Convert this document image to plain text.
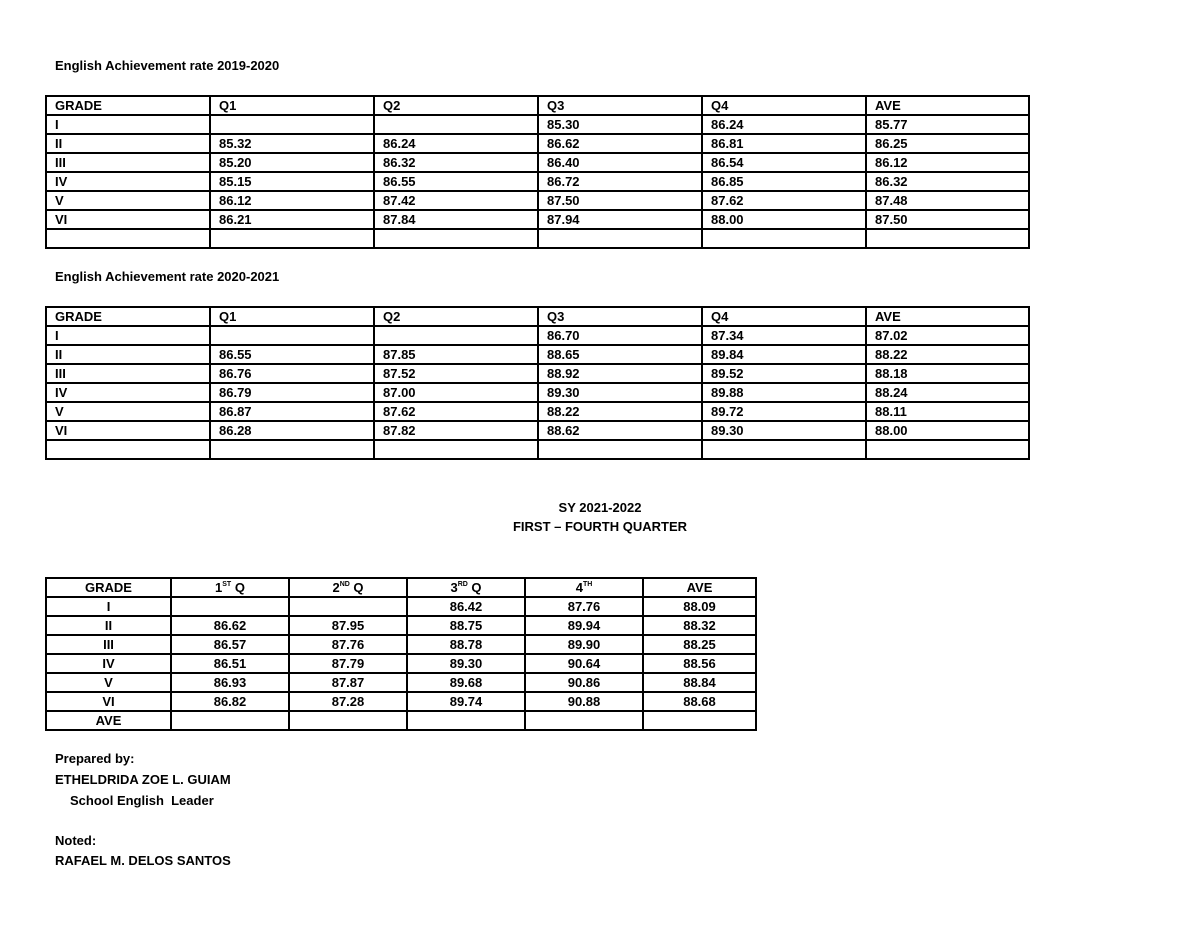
English Achievement rate 2019-2020
GRADE	Q1	Q2	Q3	Q4	AVE
I			85.30	86.24	85.77
II	85.32	86.24	86.62	86.81	86.25
III	85.20	86.32	86.40	86.54	86.12
IV	85.15	86.55	86.72	86.85	86.32
V	86.12	87.42	87.50	87.62	87.48
VI	86.21	87.84	87.94	88.00	87.50

English Achievement rate 2020-2021
GRADE	Q1	Q2	Q3	Q4	AVE
I			86.70	87.34	87.02
II	86.55	87.85	88.65	89.84	88.22
III	86.76	87.52	88.92	89.52	88.18
IV	86.79	87.00	89.30	89.88	88.24
V	86.87	87.62	88.22	89.72	88.11
VI	86.28	87.82	88.62	89.30	88.00

SY 2021-2022
FIRST – FOURTH QUARTER
GRADE	1ST Q	2ND Q	3RD Q	4TH	AVE
I			86.42	87.76	88.09
II	86.62	87.95	88.75	89.94	88.32
III	86.57	87.76	88.78	89.90	88.25
IV	86.51	87.79	89.30	90.64	88.56
V	86.93	87.87	89.68	90.86	88.84
VI	86.82	87.28	89.74	90.88	88.68
AVE					
Prepared by:
ETHELDRIDA ZOE L. GUIAM
School English  Leader
Noted:
RAFAEL M. DELOS SANTOS
